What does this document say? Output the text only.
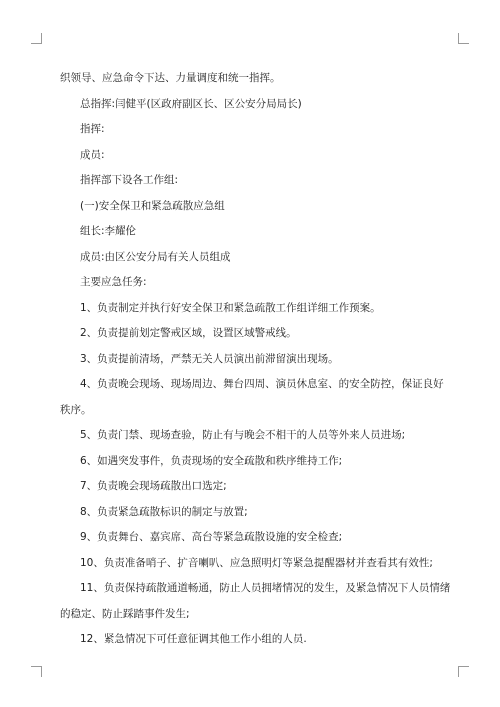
织领导、应急命令下达、力量调度和统一指挥。

总指挥:闫健平(区政府副区长、区公安分局局长)

指挥:

成员:

指挥部下设各工作组:

(一)安全保卫和紧急疏散应急组

组长:李耀伦

成员:由区公安分局有关人员组成

主要应急任务:

1、负责制定并执行好安全保卫和紧急疏散工作组详细工作预案。

2、负责提前划定警戒区域，设置区域警戒线。

3、负责提前清场，严禁无关人员演出前滞留演出现场。

4、负责晚会现场、现场周边、舞台四周、演员休息室、的安全防控，保证良好

秩序。

5、负责门禁、现场查验，防止有与晚会不相干的人员等外来人员进场;

6、如遇突发事件，负责现场的安全疏散和秩序维持工作;

7、负责晚会现场疏散出口选定;

8、负责紧急疏散标识的制定与放置;

9、负责舞台、嘉宾席、高台等紧急疏散设施的安全检查;

10、负责准备哨子、扩音喇叭、应急照明灯等紧急提醒器材并查看其有效性;

11、负责保持疏散通道畅通，防止人员拥堵情况的发生，及紧急情况下人员情绪

的稳定、防止踩踏事件发生;

12、紧急情况下可任意征调其他工作小组的人员.
